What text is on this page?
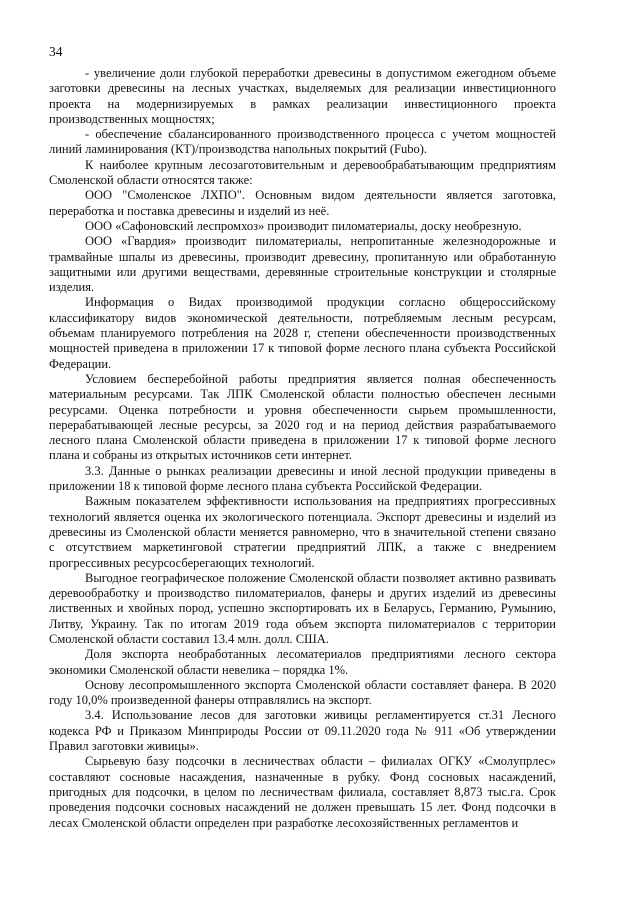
34

- увеличение доли глубокой переработки древесины в допустимом ежегодном объеме заготовки древесины на лесных участках, выделяемых для реализации инвестиционного проекта на модернизируемых в рамках реализации инвестиционного проекта производственных мощностях;

- обеспечение сбалансированного производственного процесса с учетом мощностей линий ламинирования (КТ)/производства напольных покрытий (Fubo).

К наиболее крупным лесозаготовительным и деревообрабатывающим предприятиям Смоленской области относятся также:

ООО "Смоленское ЛХПО". Основным видом деятельности является заготовка, переработка и поставка древесины и изделий из неё.

ООО «Сафоновский леспромхоз» производит пиломатериалы, доску необрезную.

ООО «Гвардия» производит пиломатериалы, непропитанные железнодорожные и трамвайные шпалы из древесины, производит древесину, пропитанную или обработанную защитными или другими веществами, деревянные строительные конструкции и столярные изделия.

Информация о Видах производимой продукции согласно общероссийскому классификатору видов экономической деятельности, потребляемым лесным ресурсам, объемам планируемого потребления на 2028 г, степени обеспеченности производственных мощностей приведена в приложении 17 к типовой форме лесного плана субъекта Российской Федерации.

Условием бесперебойной работы предприятия является полная обеспеченность материальным ресурсами. Так ЛПК Смоленской области полностью обеспечен лесными ресурсами. Оценка потребности и уровня обеспеченности сырьем промышленности, перерабатывающей лесные ресурсы, за 2020 год и на период действия разрабатываемого лесного плана Смоленской области приведена в приложении 17 к типовой форме лесного плана и собраны из открытых источников сети интернет.

3.3. Данные о рынках реализации древесины и иной лесной продукции приведены в приложении 18 к типовой форме лесного плана субъекта Российской Федерации.

Важным показателем эффективности использования на предприятиях прогрессивных технологий является оценка их экологического потенциала. Экспорт древесины и изделий из древесины из Смоленской области меняется равномерно, что в значительной степени связано с отсутствием маркетинговой стратегии предприятий ЛПК, а также с внедрением прогрессивных ресурсосберегающих технологий.

Выгодное географическое положение Смоленской области позволяет активно развивать деревообработку и производство пиломатериалов, фанеры и других изделий из древесины лиственных и хвойных пород, успешно экспортировать их в Беларусь, Германию, Румынию, Литву, Украину. Так по итогам 2019 года объем экспорта пиломатериалов с территории Смоленской области составил 13.4 млн. долл. США.

Доля экспорта необработанных лесоматериалов предприятиями лесного сектора экономики Смоленской области невелика – порядка 1%.

Основу лесопромышленного экспорта Смоленской области составляет фанера. В 2020 году 10,0% произведенной фанеры отправлялись на экспорт.

3.4. Использование лесов для заготовки живицы регламентируется ст.31 Лесного кодекса РФ и Приказом Минприроды России от 09.11.2020 года № 911 «Об утверждении Правил заготовки живицы».

Сырьевую базу подсочки в лесничествах области – филиалах ОГКУ «Смолупрлес» составляют сосновые насаждения, назначенные в рубку. Фонд сосновых насаждений, пригодных для подсочки, в целом по лесничествам филиала, составляет 8,873 тыс.га. Срок проведения подсочки сосновых насаждений не должен превышать 15 лет. Фонд подсочки в лесах Смоленской области определен при разработке лесохозяйственных регламентов и
